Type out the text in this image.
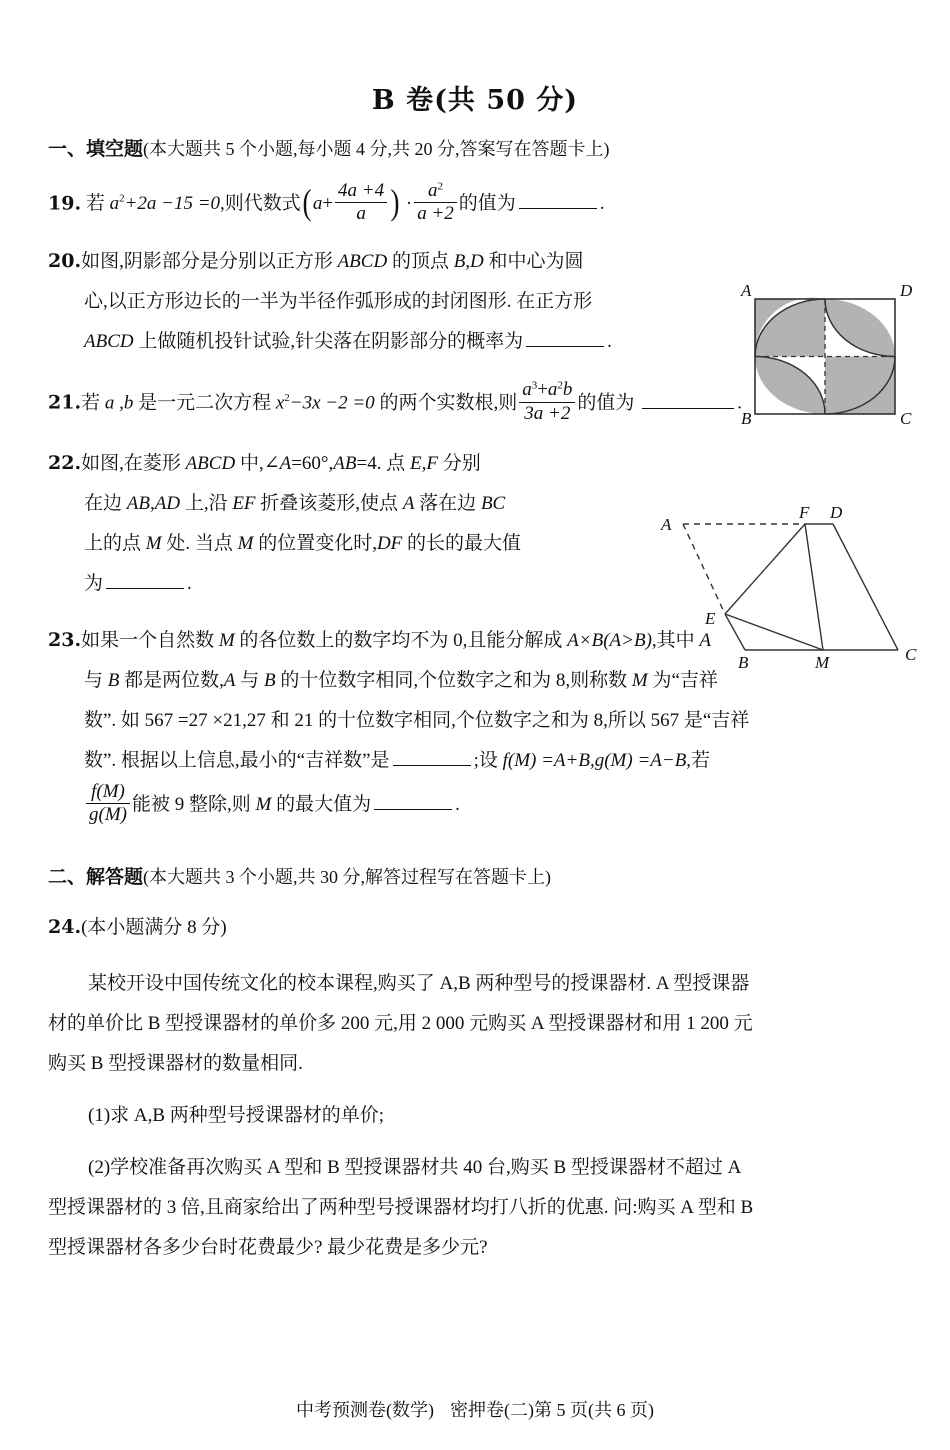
B 卷(共 50 分)
一、填空题(本大题共 5 个小题,每小题 4 分,共 20 分,答案写在答题卡上)
19. 若 $a^2+2a -15 =0$,则代数式($a+ \frac{4a +4}{a}$ ) · $\frac{a^2}{a +2}$ 的值为	.
20.如图,阴影部分是分别以正方形 ABCD 的顶点 B,D 和中心为圆
心,以正方形边长的一半为半径作弧形成的封闭图形. 在正方形
ABCD 上做随机投针试验,针尖落在阴影部分的概率为	.
21.若 a ,b 是一元二次方程 $x^2-3x -2 =0$ 的两个实数根,则 $\frac{a^3+a^2b}{3a +2}$ 的值为	.
22.如图,在菱形 ABCD 中,∠A=60°,AB=4. 点 E,F 分别
在边 AB,AD 上,沿 EF 折叠该菱形,使点 A 落在边 BC
上的点 M 处. 当点 M 的位置变化时,DF 的长的最大值
为	.
23.如果一个自然数 M 的各位数上的数字均不为 0,且能分解成 A×B(A>B),其中 A
与 B 都是两位数,A 与 B 的十位数字相同,个位数字之和为 8,则称数 M 为“吉祥
数”. 如 567 =27 ×21,27 和 21 的十位数字相同,个位数字之和为 8,所以 567 是“吉祥
数”. 根据以上信息,最小的“吉祥数”是	;设 f(M) =A+B,g(M) =A−B,若
$\frac{f(M)}{g(M)}$ 能被 9 整除,则 M 的最大值为	.
二、解答题(本大题共 3 个小题,共 30 分,解答过程写在答题卡上)
24.(本小题满分 8 分)
某校开设中国传统文化的校本课程,购买了 A,B 两种型号的授课器材. A 型授课器
材的单价比 B 型授课器材的单价多 200 元,用 2 000 元购买 A 型授课器材和用 1 200 元
购买 B 型授课器材的数量相同.
(1)求 A,B 两种型号授课器材的单价;
(2)学校准备再次购买 A 型和 B 型授课器材共 40 台,购买 B 型授课器材不超过 A
型授课器材的 3 倍,且商家给出了两种型号授课器材均打八折的优惠. 问:购买 A 型和 B
型授课器材各多少台时花费最少? 最少花费是多少元?
A	D
B	C
A
F D
E
B	M	C
中考预测卷(数学) 密押卷(二)第 5 页(共 6 页)
